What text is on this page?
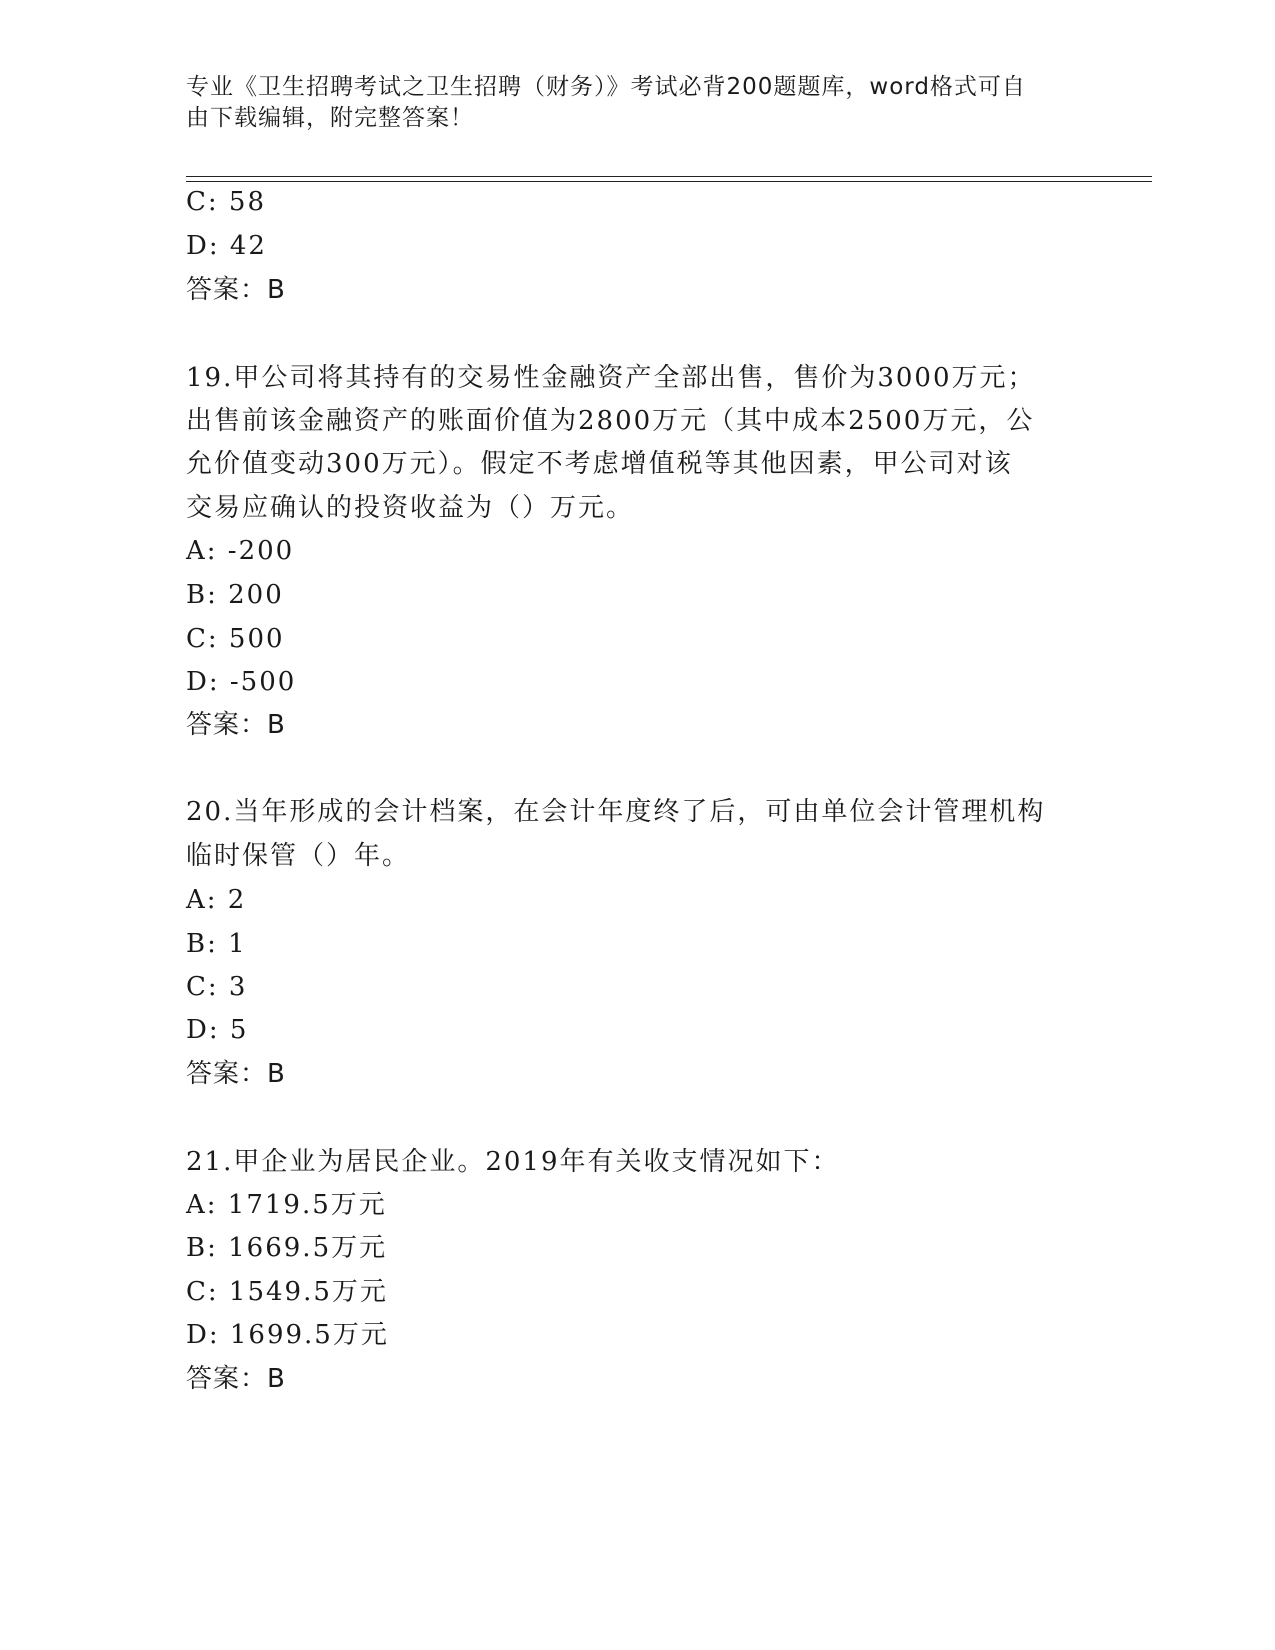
专业《卫生招聘考试之卫生招聘（财务）》考试必背200题题库，word格式可自
由下载编辑，附完整答案！
C: 58
D: 42
答案：B
19.甲公司将其持有的交易性金融资产全部出售，售价为3000万元；
出售前该金融资产的账面价值为2800万元（其中成本2500万元，公
允价值变动300万元）。假定不考虑增值税等其他因素，甲公司对该
交易应确认的投资收益为（）万元。
A: -200
B: 200
C: 500
D: -500
答案：B
20.当年形成的会计档案，在会计年度终了后，可由单位会计管理机构
临时保管（）年。
A: 2
B: 1
C: 3
D: 5
答案：B
21.甲企业为居民企业。2019年有关收支情况如下：
A: 1719.5万元
B: 1669.5万元
C: 1549.5万元
D: 1699.5万元
答案：B
